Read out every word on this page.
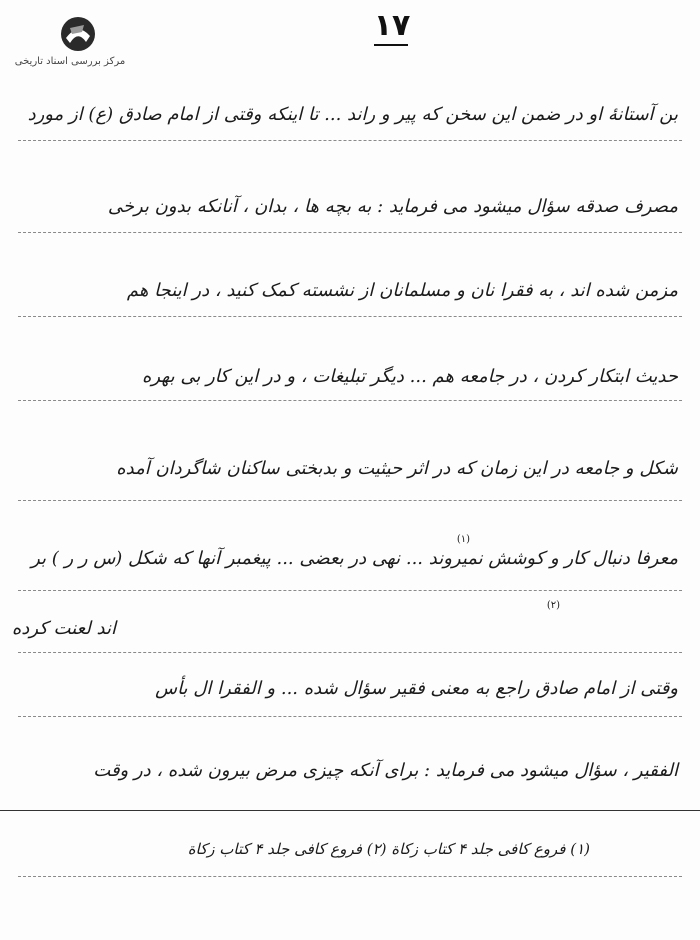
مرکز بررسی اسناد تاریخی
۱۷
بن آستانهٔ او در ضمن این سخن که پیر و راند ... تا اینکه وقتی از امام صادق (ع) از مورد
مصرف صدقه سؤال میشود می فرماید : به بچه ها ، بدان ، آنانکه بدون برخی
مزمن شده اند ، به فقرا نان و مسلمانان از نشسته کمک کنید ، در اینجا هم
حدیث ابتکار کردن ، در جامعه هم ... دیگر تبلیغات ، و در این کار بی بهره
شکل و جامعه در این زمان که در اثر حیثیت و بدبختی ساکنان شاگردان آمده
(۱)
معرفا دنبال کار و کوشش نمیروند ... نهی در بعضی ... پیغمبر آنها که شکل (س ر ر ) بر
(۲)
اند لعنت کرده
وقتی از امام صادق راجع به معنی فقیر سؤال شده ... و الفقرا ال بأس
الفقیر ، سؤال میشود می فرماید : برای آنکه چیزی مرض بیرون شده ، در وقت
(۱) فروع کافی جلد ۴ کتاب زکاة (۲) فروع کافی جلد ۴ کتاب زکاة
